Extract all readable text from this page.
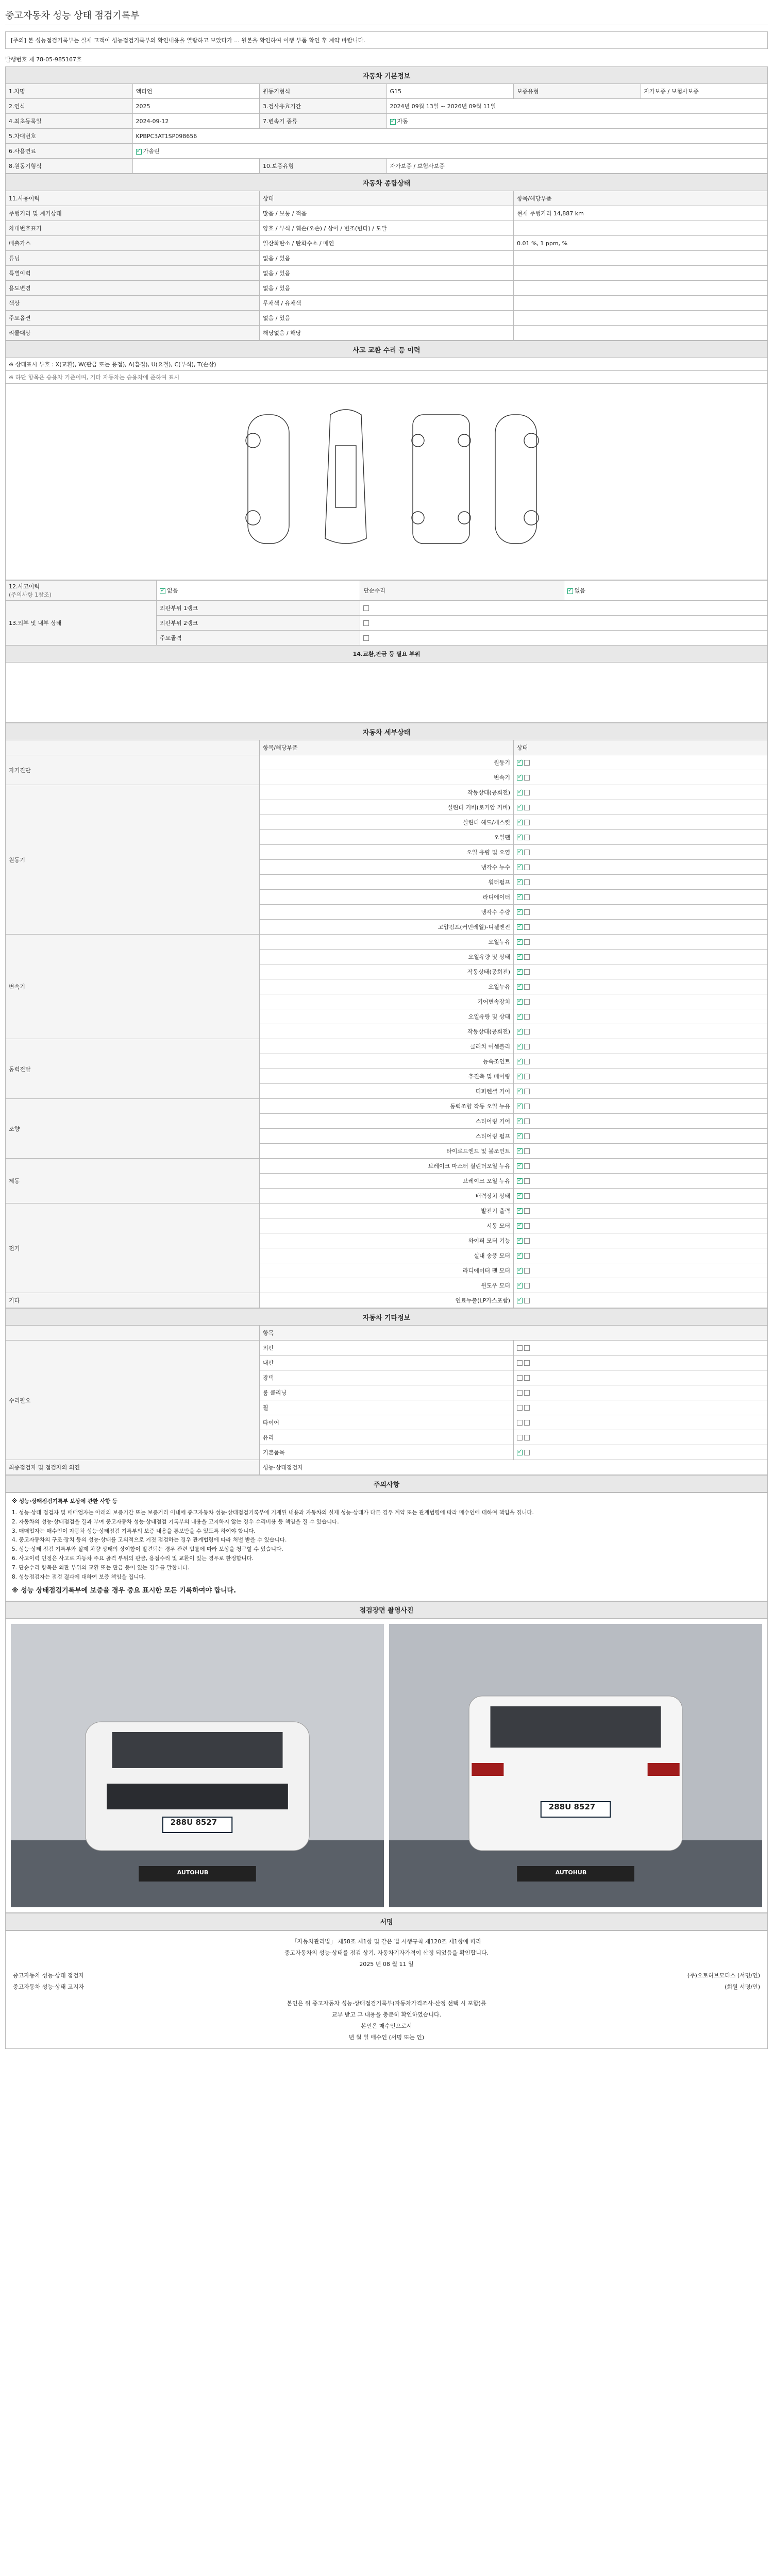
중고자동차 성능 상태 점검기록부
[주의] 본 성능점검기록부는 실제 고객이 성능점검기록부의 확인내용을 열람하고 보았다가 ... 원본을 확인하여 이행 부품 확인 후 계약 바랍니다.
발행번호 제 78-05-985167호
자동차 기본정보					
1.차명	액티언	원동기형식	G15	보증유형	자가보증 / 보험사보증
2.연식	2025	3.검사유효기간	2024년 09월 13일 ~ 2026년 09월 11일		
4.최초등록일	2024-09-12	7.변속기 종류	✓자동
5.차대번호	KPBPC3AT1SP098656				
6.사용연료	✓가솔린
8.원동기형식		10.보증유형	자가보증 / 보험사보증		
자동차 종합상태		
11.사용이력	상태	항목/해당부품
주행거리 및 계기상태	많음 / 보통 / 적음	현재 주행거리 14,887 km
차대번호표기	양호 / 부식 / 훼손(오손) / 상이 / 변조(변타) / 도말	
배출가스	일산화탄소 / 탄화수소 / 매연	0.01 %, 1 ppm, %
튜닝	없음 / 있음	
특별이력	없음 / 있음	
용도변경	없음 / 있음	
색상	무채색 / 유채색	
주요옵션	없음 / 있음	
리콜대상	해당없음 / 해당	
사고 교환 수리 등 이력
※ 상태표시 부호 : X(교환), W(판금 또는 용접), A(흠집), U(요철), C(부식), T(손상)
※ 하단 항목은 승용차 기준이며, 기타 자동차는 승용차에 준하여 표시
12.사고이력
(주의사항 1참조)	✓없음	단순수리	✓없음
13.외부 및 내부 상태	외판부위 1랭크		
	외판부위 2랭크		
	주요골격		
14.교환,판금 등 필요 부위			

자동차 세부상태		
	항목/해당부품	상태
자기진단	원동기	✓
	변속기	✓
원동기	작동상태(공회전)	✓
	실린더 커버(로커암 커버)	✓
	실린더 헤드/개스킷	✓
	오일팬	✓
	오일 유량 및 오염	✓
	냉각수 누수	✓
	워터펌프	✓
	라디에이터	✓
	냉각수 수량	✓
	고압펌프(커먼레일)-디젤엔진	✓
변속기	오일누유	✓
	오일유량 및 상태	✓
	작동상태(공회전)	✓
	오일누유	✓
	기어변속장치	✓
	오일유량 및 상태	✓
	작동상태(공회전)	✓
동력전달	클러치 어셈블리	✓
	등속조인트	✓
	추진축 및 베어링	✓
	디퍼렌셜 기어	✓
조향	동력조향 작동 오일 누유	✓
	스티어링 기어	✓
	스티어링 펌프	✓
	타이로드엔드 및 볼조인트	✓
제동	브레이크 마스터 실린더오일 누유	✓
	브레이크 오일 누유	✓
	배력장치 상태	✓
전기	발전기 출력	✓
	시동 모터	✓
	와이퍼 모터 기능	✓
	실내 송풍 모터	✓
	라디에이터 팬 모터	✓
	윈도우 모터	✓
기타	연료누출(LP가스포함)	✓
자동차 기타정보		
	항목	
수리필요	외판	
	내판	
	광택	
	룸 클리닝	
	휠	
	타이어	
	유리	
	기본품목	✓
최종점검자 및 점검자의 의견	성능·상태점검자	
주의사항
※ 성능·상태점검기록부 보상에 관한 사항 등
1. 성능·상태 점검자 및 매매업자는 아래의 보증기간 또는 보증거리 이내에 중고자동차 성능·상태점검기록부에 기재된 내용과 자동차의 실제 성능·상태가 다른 경우 계약 또는 관계법령에 따라 매수인에 대하여 책임을 집니다.
2. 자동차의 성능·상태점검을 결과 부여 중고자동차 성능·상태점검 기록부의 내용을 고지하지 않는 경우 수리비용 등 책임을 질 수 있습니다.
3. 매매업자는 매수인이 자동차 성능·상태점검 기록부의 보증 내용을 통보받을 수 있도록 하여야 합니다.
4. 중고자동차의 구조·장치 등의 성능·상태를 고의적으로 거짓 점검하는 경우 관계법령에 따라 처벌 받을 수 있습니다.
5. 성능·상태 점검 기록부와 실제 차량 상태의 상이함이 발견되는 경우 관련 법률에 따라 보상을 청구할 수 있습니다.
6. 사고이력 인정은 사고로 자동차 주요 골격 부위의 판금, 용접수리 및 교환이 있는 경우로 한정합니다.
7. 단순수리 항목은 외판 부위의 교환 또는 판금 등이 있는 경우를 말합니다.
8. 성능점검자는 점검 결과에 대하여 보증 책임을 집니다.
※ 성능 상태점검기록부에 보증을 경우 중요 표시한 모든 기록하여야 합니다.
점검장면 촬영사진
288U 8527
AUTOHUB
288U 8527
AUTOHUB
서명
「자동차관리법」 제58조 제1항 및 같은 법 시행규칙 제120조 제1항에 따라
중고자동차의 성능·상태를 점검 상기, 자동차기자가격이 산정 되었음을 확인합니다.
2025 년 08 월 11 일
중고자동차 성능·상태 점검자	(주)오토허브모터스 (서명/인)
중고자동차 성능·상태 고지자	(회원 서명/인)
본인은 위 중고자동차 성능·상태점검기록부(자동차가격조사·산정 선택 시 포함)를
교부 받고 그 내용을 충분히 확인하였습니다.
본인은 매수인으로서
년 월 일 매수인 (서명 또는 인)
